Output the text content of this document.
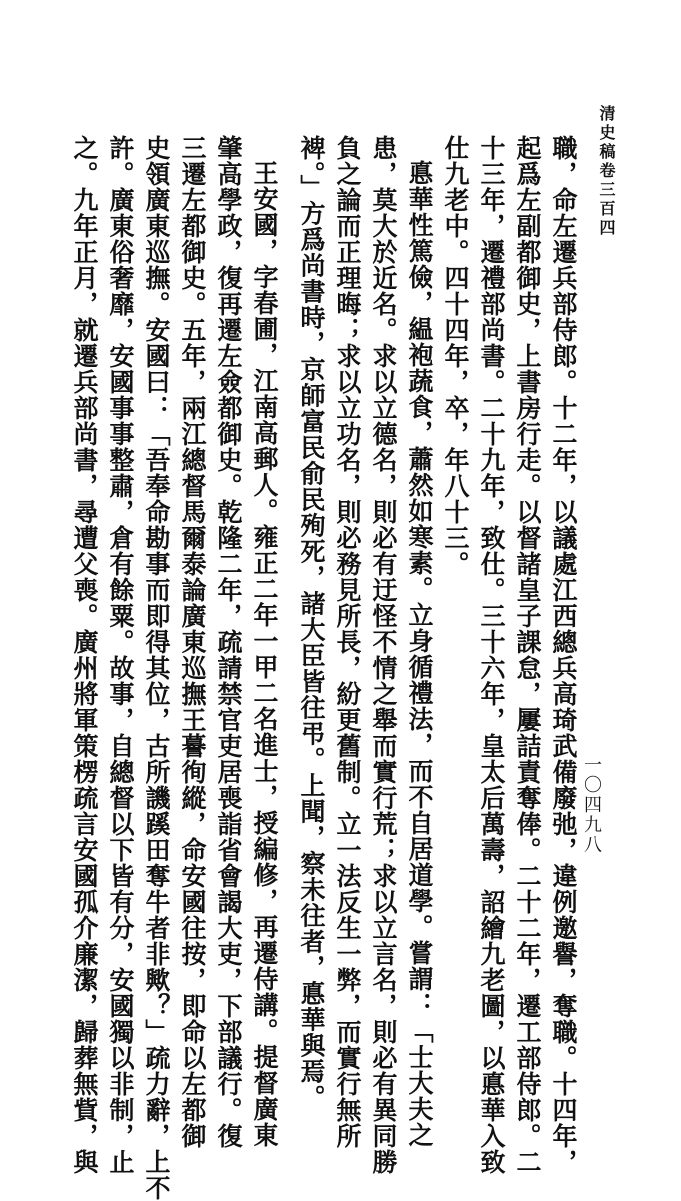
清史稿卷三百四
一〇四九八
職，命左遷兵部侍郎。十二年，以議處江西總兵高琦武備廢弛，違例邀譽，奪職。十四年，
起爲左副都御史，上書房行走。以督諸皇子課怠，屢詰責奪俸。二十二年，遷工部侍郎。二
十三年，遷禮部尚書。二十九年，致仕。三十六年，皇太后萬壽，詔繪九老圖，以悳華入致
仕九老中。四十四年，卒，年八十三。
悳華性篤儉，緼袍蔬食，蕭然如寒素。立身循禮法，而不自居道學。嘗謂：「士大夫之
患，莫大於近名。求以立德名，則必有迂怪不情之舉而實行荒；求以立言名，則必有異同勝
負之論而正理晦；求以立功名，則必務見所長，紛更舊制。立一法反生一弊，而實行無所
裨。」方爲尚書時，京師富民俞民殉死，諸大臣皆往弔。上聞，察未往者，悳華與焉。
王安國，字春圃，江南高郵人。雍正二年一甲二名進士，授編修，再遷侍講。提督廣東
肇高學政，復再遷左僉都御史。乾隆二年，疏請禁官吏居喪詣省會謁大吏，下部議行。復
三遷左都御史。五年，兩江總督馬爾泰論廣東巡撫王謩徇縱，命安國往按，即命以左都御
史領廣東巡撫。安國曰：「吾奉命勘事而即得其位，古所譏蹊田奪牛者非歟？」疏力辭，上不
許。廣東俗奢靡，安國事事整肅，倉有餘粟。故事，自總督以下皆有分，安國獨以非制，止
之。九年正月，就遷兵部尚書，尋遭父喪。廣州將軍策楞疏言安國孤介廉潔，歸葬無貲，與
